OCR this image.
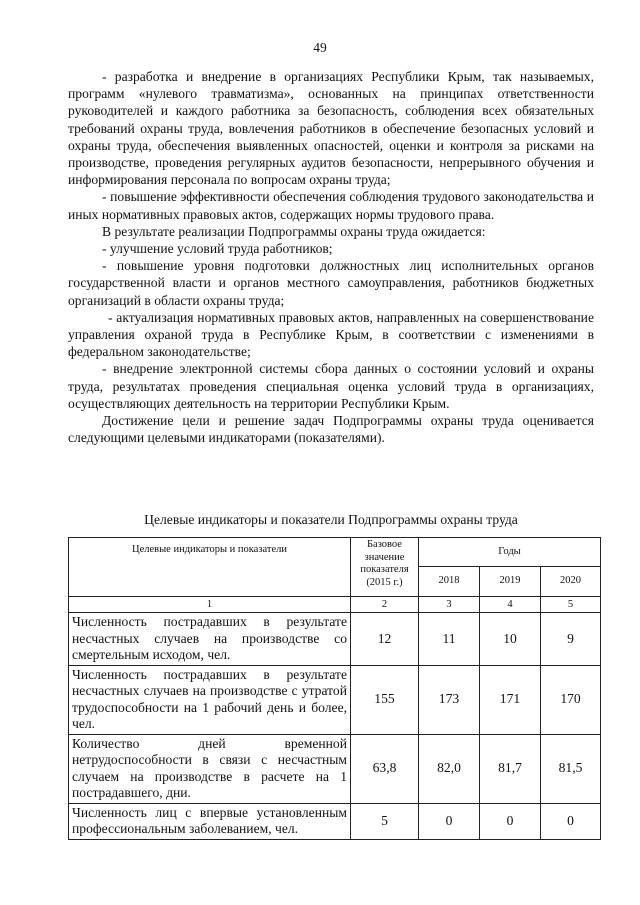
49

- разработка и внедрение в организациях Республики Крым, так называемых, программ «нулевого травматизма», основанных на принципах ответственности руководителей и каждого работника за безопасность, соблюдения всех обязательных требований охраны труда, вовлечения работников в обеспечение безопасных условий и охраны труда, обеспечения выявленных опасностей, оценки и контроля за рисками на производстве, проведения регулярных аудитов безопасности, непрерывного обучения и информирования персонала по вопросам охраны труда;

- повышение эффективности обеспечения соблюдения трудового законодательства и иных нормативных правовых актов, содержащих нормы трудового права.

В результате реализации Подпрограммы охраны труда ожидается:

- улучшение условий труда работников;

- повышение уровня подготовки должностных лиц исполнительных органов государственной власти и органов местного самоуправления, работников бюджетных организаций в области охраны труда;

- актуализация нормативных правовых актов, направленных на совершенствование управления охраной труда в Республике Крым, в соответствии с изменениями в федеральном законодательстве;

- внедрение электронной системы сбора данных о состоянии условий и охраны труда, результатах проведения специальная оценка условий труда в организациях, осуществляющих деятельность на территории Республики Крым.

Достижение цели и решение задач Подпрограммы охраны труда оценивается следующими целевыми индикаторами (показателями).

Целевые индикаторы и показатели Подпрограммы охраны труда
Целевые индикаторы и показатели	Базовое значение показателя (2015 г.)	Годы		
		2018	2019	2020
1	2	3	4	5
Численность пострадавших в результате несчастных случаев на производстве со смертельным исходом, чел.	12	11	10	9
Численность пострадавших в результате несчастных случаев на производстве с утратой трудоспособности на 1 рабочий день и более, чел.	155	173	171	170
Количество дней временной нетрудоспособности в связи с несчастным случаем на производстве в расчете на 1 пострадавшего, дни.	63,8	82,0	81,7	81,5
Численность лиц с впервые установленным профессиональным заболеванием, чел.	5	0	0	0
